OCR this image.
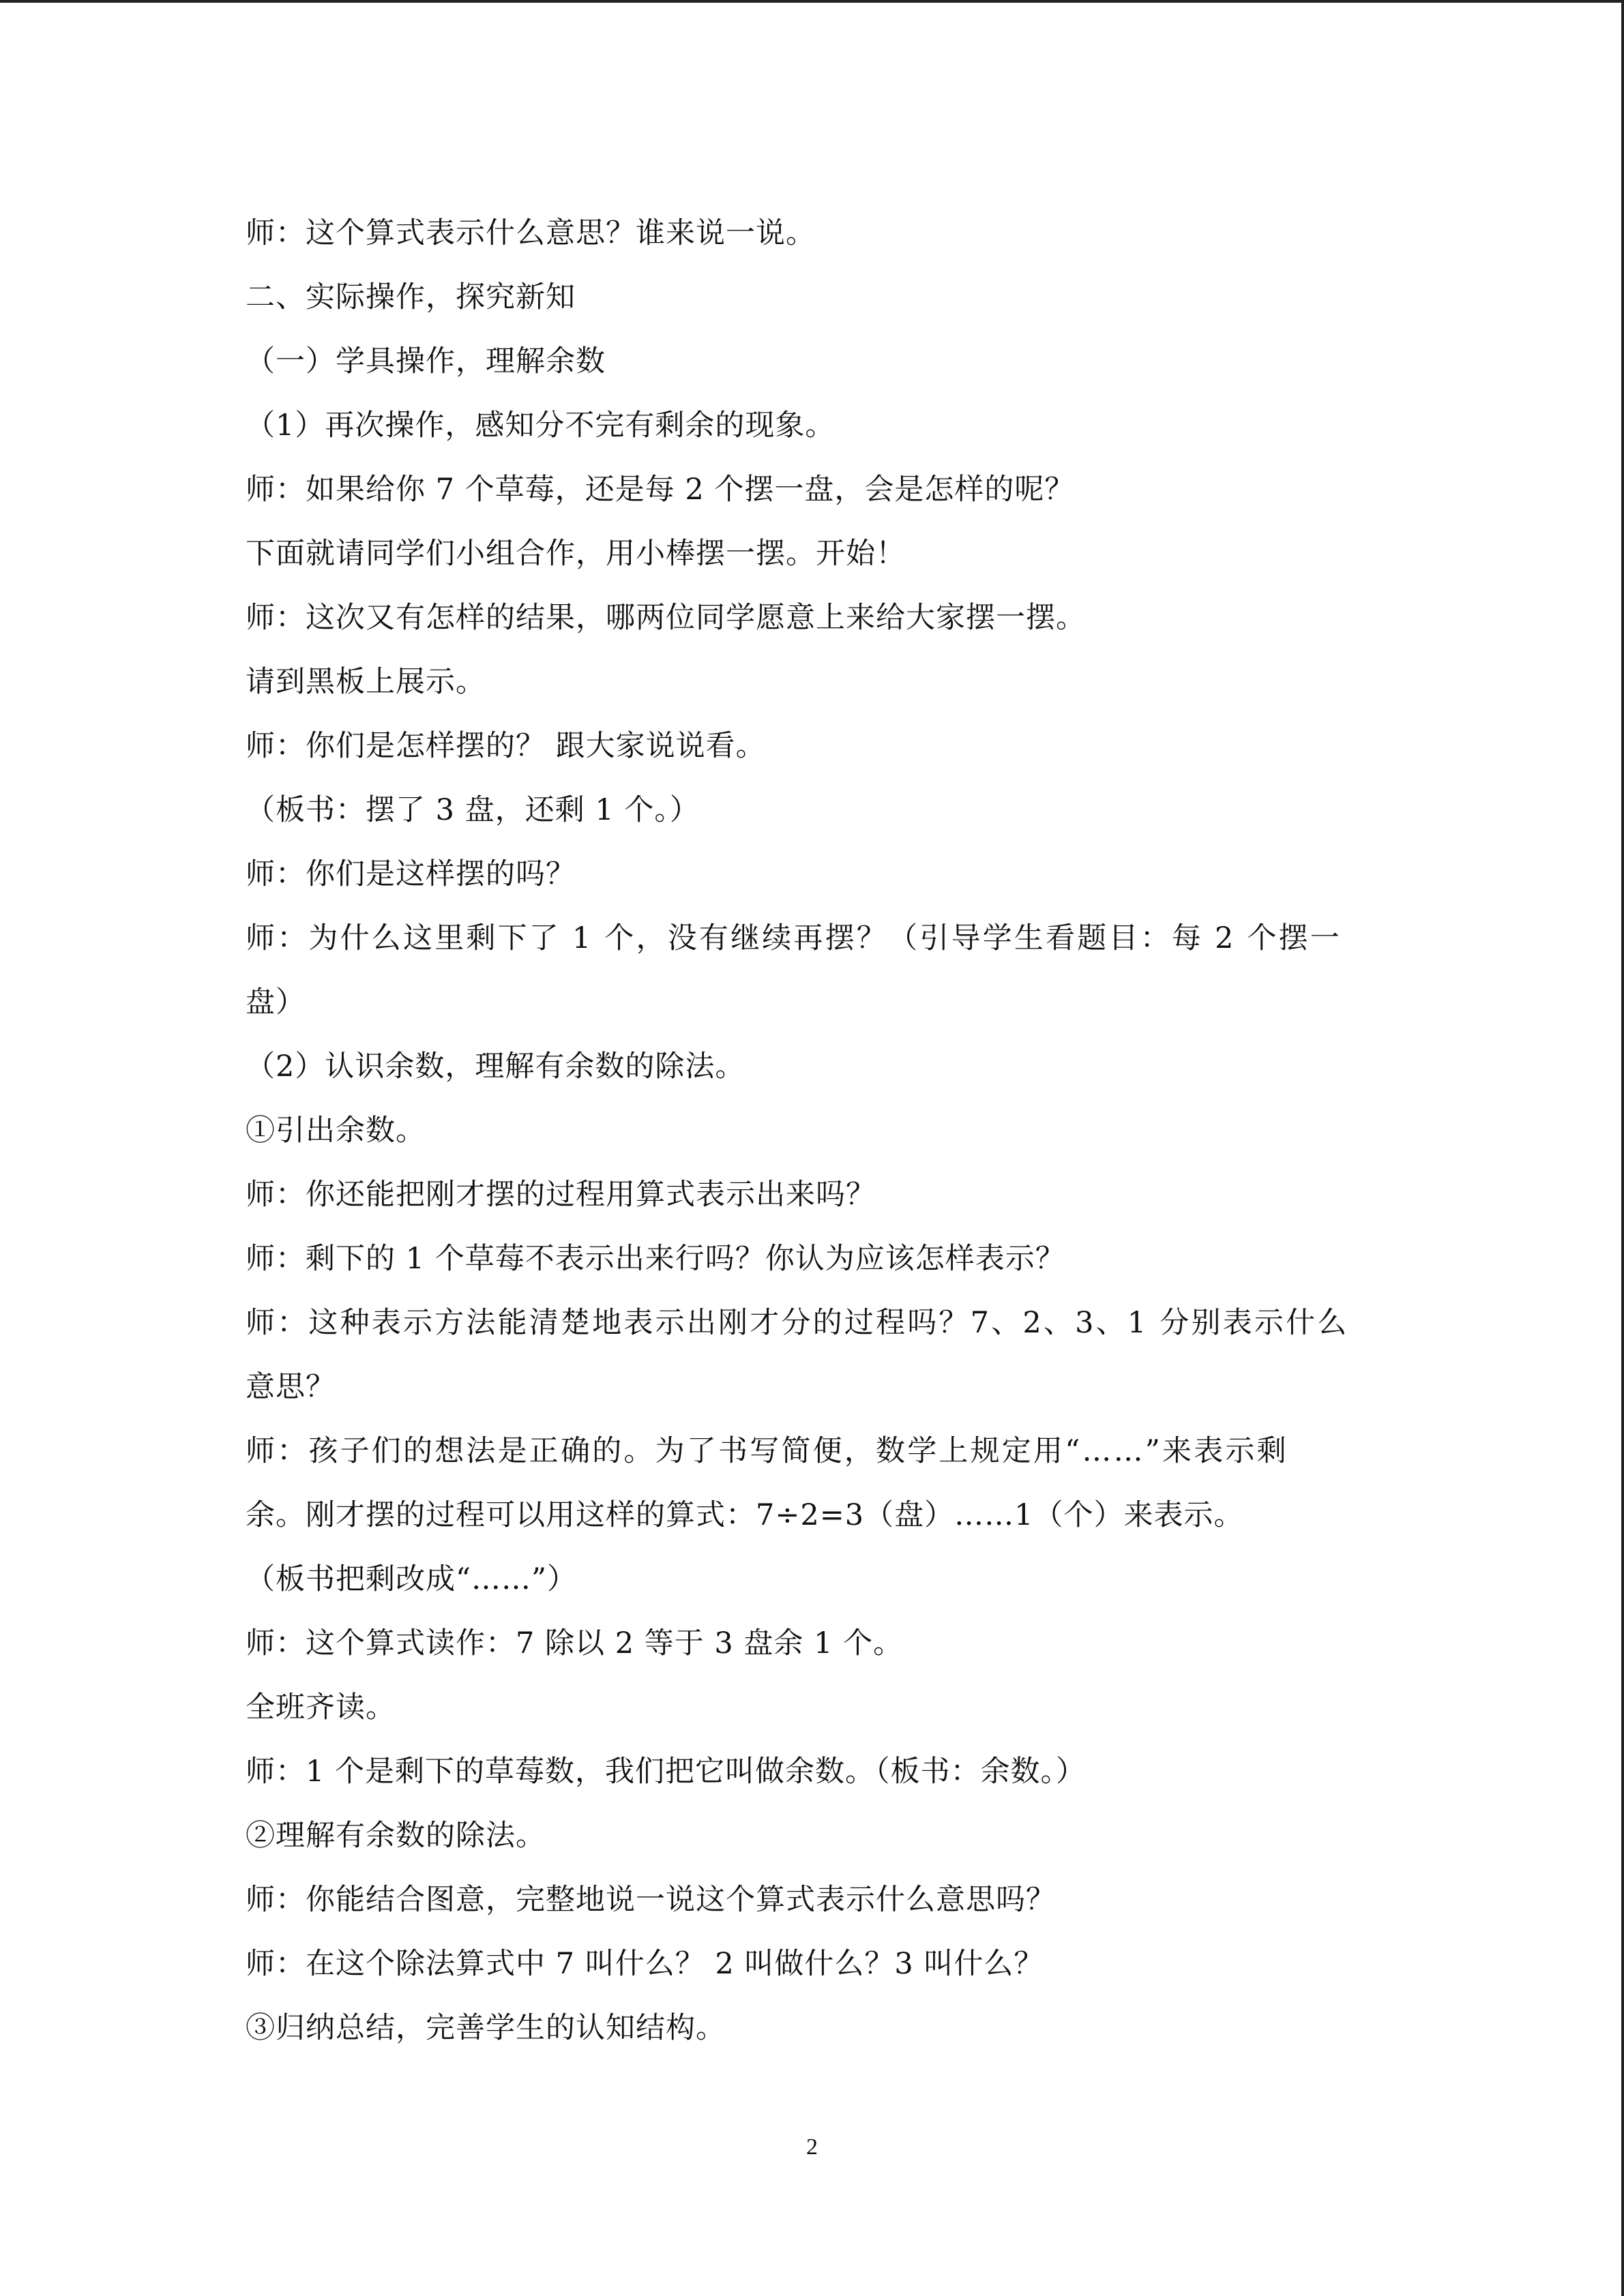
师：这个算式表示什么意思？谁来说一说。
二、实际操作，探究新知
（一）学具操作，理解余数
（1）再次操作，感知分不完有剩余的现象。
师：如果给你 7 个草莓，还是每 2 个摆一盘，会是怎样的呢？
下面就请同学们小组合作，用小棒摆一摆。开始！
师：这次又有怎样的结果，哪两位同学愿意上来给大家摆一摆。
请到黑板上展示。
师：你们是怎样摆的？ 跟大家说说看。
（板书：摆了 3 盘，还剩 1 个。）
师：你们是这样摆的吗？
师：为什么这里剩下了 1 个，没有继续再摆？（引导学生看题目：每 2 个摆一
盘）
（2）认识余数，理解有余数的除法。
①引出余数。
师：你还能把刚才摆的过程用算式表示出来吗？
师：剩下的 1 个草莓不表示出来行吗？你认为应该怎样表示？
师：这种表示方法能清楚地表示出刚才分的过程吗？7、2、3、1 分别表示什么
意思？
师：孩子们的想法是正确的。为了书写简便，数学上规定用“……”来表示剩
余。刚才摆的过程可以用这样的算式：7÷2=3（盘）……1（个）来表示。
（板书把剩改成“……”）
师：这个算式读作：7 除以 2 等于 3 盘余 1 个。
全班齐读。
师：1 个是剩下的草莓数，我们把它叫做余数。（板书：余数。）
②理解有余数的除法。
师：你能结合图意，完整地说一说这个算式表示什么意思吗？
师：在这个除法算式中 7 叫什么？ 2 叫做什么？3 叫什么？
③归纳总结，完善学生的认知结构。
2
